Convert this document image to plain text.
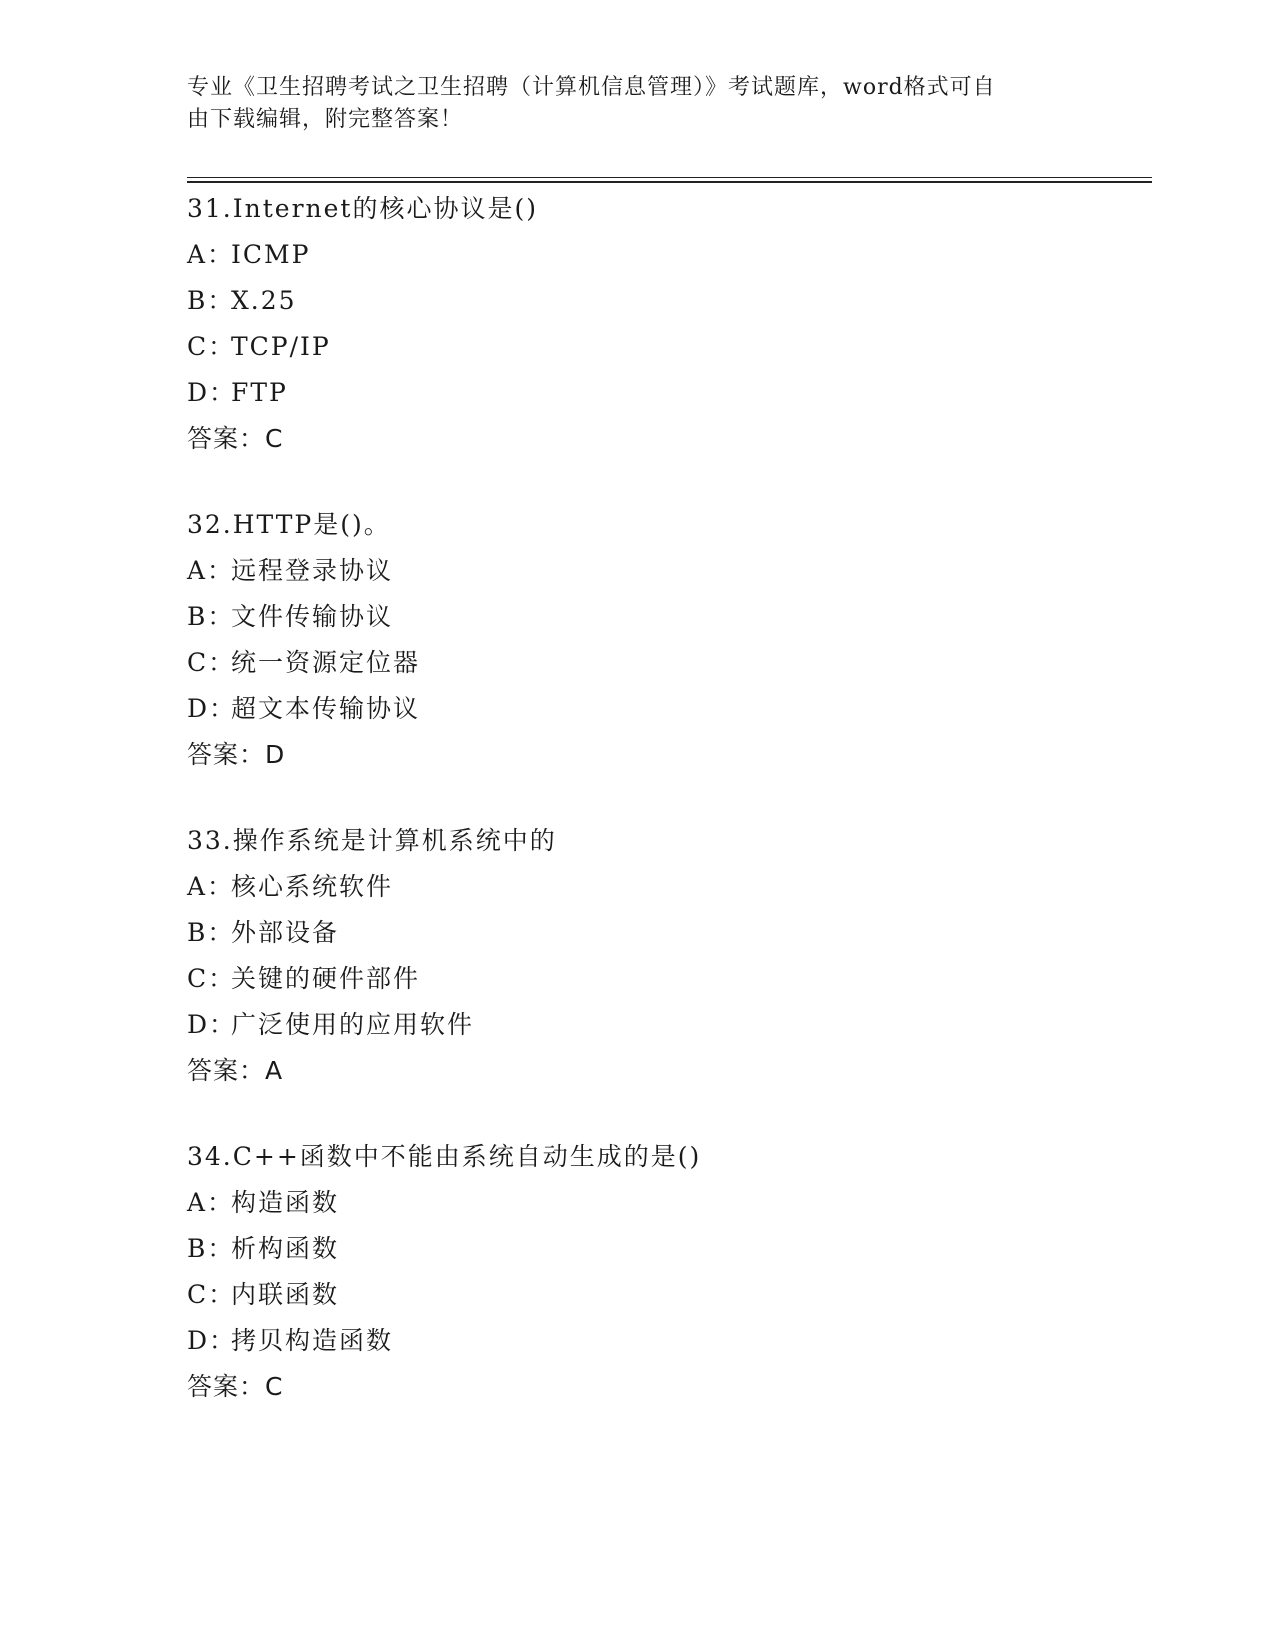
专业《卫生招聘考试之卫生招聘（计算机信息管理）》考试题库，word格式可自
由下载编辑，附完整答案！
31.Internet的核心协议是()
A：ICMP
B：X.25
C：TCP/IP
D：FTP
答案：C
32.HTTP是()。
A：远程登录协议
B：文件传输协议
C：统一资源定位器
D：超文本传输协议
答案：D
33.操作系统是计算机系统中的
A：核心系统软件
B：外部设备
C：关键的硬件部件
D：广泛使用的应用软件
答案：A
34.C++函数中不能由系统自动生成的是()
A：构造函数
B：析构函数
C：内联函数
D：拷贝构造函数
答案：C
